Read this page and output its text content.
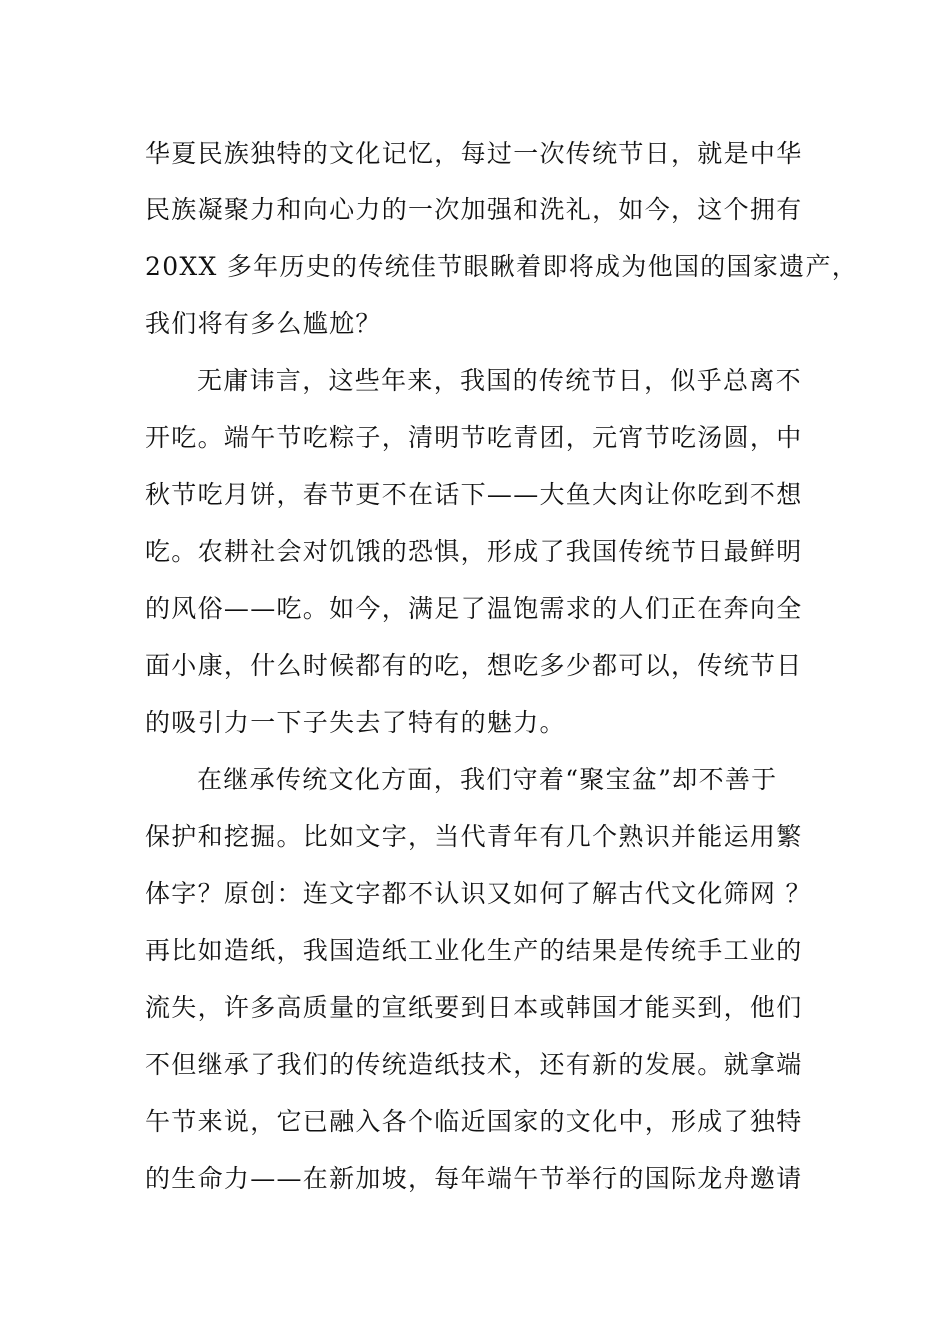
华夏民族独特的文化记忆，每过一次传统节日，就是中华
民族凝聚力和向心力的一次加强和洗礼，如今，这个拥有
20XX 多年历史的传统佳节眼瞅着即将成为他国的国家遗产，
我们将有多么尴尬？
无庸讳言，这些年来，我国的传统节日，似乎总离不
开吃。端午节吃粽子，清明节吃青团，元宵节吃汤圆，中
秋节吃月饼，春节更不在话下——大鱼大肉让你吃到不想
吃。农耕社会对饥饿的恐惧，形成了我国传统节日最鲜明
的风俗——吃。如今，满足了温饱需求的人们正在奔向全
面小康，什么时候都有的吃，想吃多少都可以，传统节日
的吸引力一下子失去了特有的魅力。
在继承传统文化方面，我们守着“聚宝盆”却不善于
保护和挖掘。比如文字，当代青年有几个熟识并能运用繁
体字？原创：连文字都不认识又如何了解古代文化筛网 ？
再比如造纸，我国造纸工业化生产的结果是传统手工业的
流失，许多高质量的宣纸要到日本或韩国才能买到，他们
不但继承了我们的传统造纸技术，还有新的发展。就拿端
午节来说，它已融入各个临近国家的文化中，形成了独特
的生命力——在新加坡，每年端午节举行的国际龙舟邀请
